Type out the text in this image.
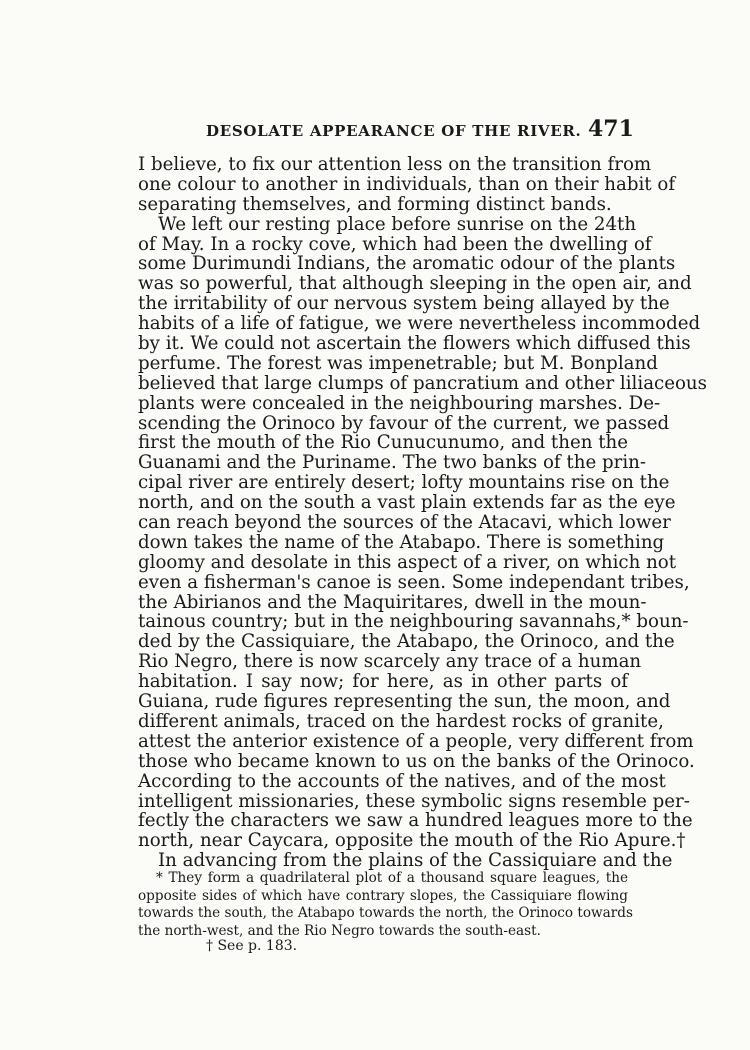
DESOLATE APPEARANCE OF THE RIVER. 471
I believe, to fix our attention less on the transition from
one colour to another in individuals, than on their habit of
separating themselves, and forming distinct bands.
We left our resting place before sunrise on the 24th
of May. In a rocky cove, which had been the dwelling of
some Durimundi Indians, the aromatic odour of the plants
was so powerful, that although sleeping in the open air, and
the irritability of our nervous system being allayed by the
habits of a life of fatigue, we were nevertheless incommoded
by it. We could not ascertain the flowers which diffused this
perfume. The forest was impenetrable; but M. Bonpland
believed that large clumps of pancratium and other liliaceous
plants were concealed in the neighbouring marshes. De-
scending the Orinoco by favour of the current, we passed
first the mouth of the Rio Cunucunumo, and then the
Guanami and the Puriname. The two banks of the prin-
cipal river are entirely desert; lofty mountains rise on the
north, and on the south a vast plain extends far as the eye
can reach beyond the sources of the Atacavi, which lower
down takes the name of the Atabapo. There is something
gloomy and desolate in this aspect of a river, on which not
even a fisherman's canoe is seen. Some independant tribes,
the Abirianos and the Maquiritares, dwell in the moun-
tainous country; but in the neighbouring savannahs,* boun-
ded by the Cassiquiare, the Atabapo, the Orinoco, and the
Rio Negro, there is now scarcely any trace of a human
habitation. I say now; for here, as in other parts of
Guiana, rude figures representing the sun, the moon, and
different animals, traced on the hardest rocks of granite,
attest the anterior existence of a people, very different from
those who became known to us on the banks of the Orinoco.
According to the accounts of the natives, and of the most
intelligent missionaries, these symbolic signs resemble per-
fectly the characters we saw a hundred leagues more to the
north, near Caycara, opposite the mouth of the Rio Apure.†
In advancing from the plains of the Cassiquiare and the
* They form a quadrilateral plot of a thousand square leagues, the
opposite sides of which have contrary slopes, the Cassiquiare flowing
towards the south, the Atabapo towards the north, the Orinoco towards
the north-west, and the Rio Negro towards the south-east.
† See p. 183.
